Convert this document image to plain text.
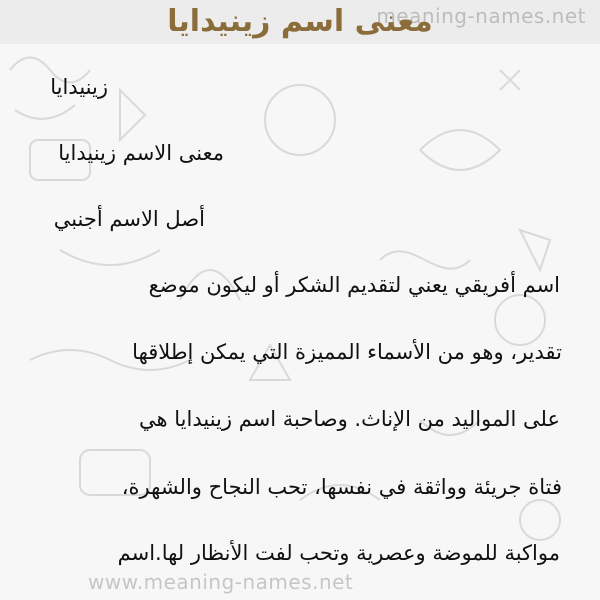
meaning-names.net
معنى اسم زينيدايا
زينيدايا
معنى الاسم زينيدايا
أصل الاسم أجنبي
اسم أفريقي يعني لتقديم الشكر أو ليكون موضع
تقدير، وهو من الأسماء المميزة التي يمكن إطلاقها
على المواليد من الإناث. وصاحبة اسم زينيدايا هي
فتاة جريئة وواثقة في نفسها، تحب النجاح والشهرة،
مواكبة للموضة وعصرية وتحب لفت الأنظار لها.اسم
www.meaning-names.net
